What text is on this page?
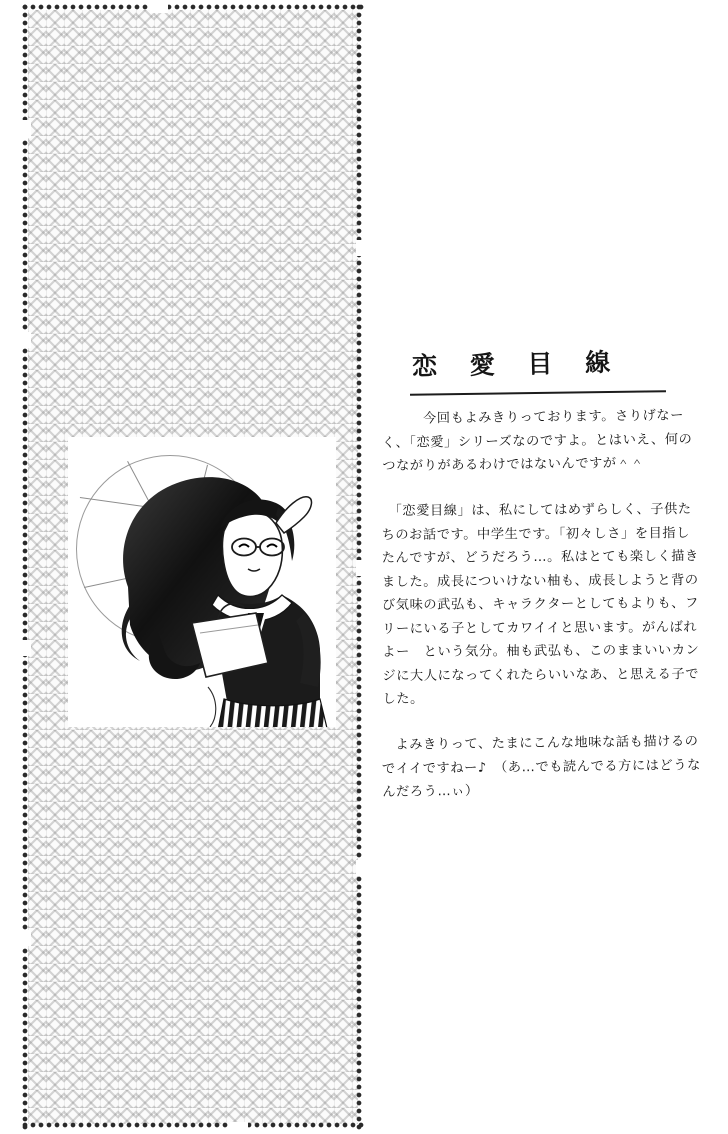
恋 愛 目 線

　　　今回もよみきりっております。さりげなーく、「恋愛」シリーズなのですよ。とはいえ、何のつながりがあるわけではないんですが＾＾

　「恋愛目線」は、私にしてはめずらしく、子供たちのお話です。中学生です。「初々しさ」を目指したんですが、どうだろう…。私はとても楽しく描きました。成長についけない柚も、成長しようと背のび気味の武弘も、キャラクターとしてもよりも、フリーにいる子としてカワイイと思います。がんばれよー　という気分。柚も武弘も、このままいいカンジに大人になってくれたらいいなあ、と思える子でした。

　よみきりって、たまにこんな地味な話も描けるのでイイですねー♪　（あ…でも読んでる方にはどうなんだろう…ぃ）
